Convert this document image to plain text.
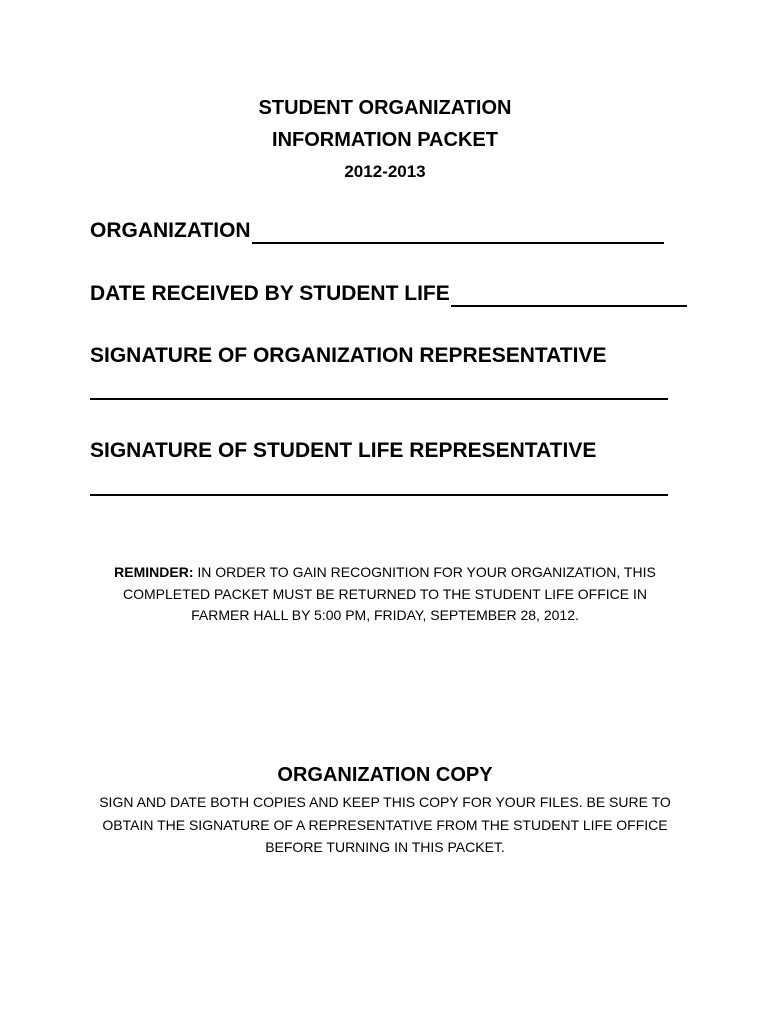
STUDENT ORGANIZATION
INFORMATION PACKET
2012-2013
ORGANIZATION
DATE RECEIVED BY STUDENT LIFE
SIGNATURE OF ORGANIZATION REPRESENTATIVE
SIGNATURE OF STUDENT LIFE REPRESENTATIVE
REMINDER: IN ORDER TO GAIN RECOGNITION FOR YOUR ORGANIZATION, THIS COMPLETED PACKET MUST BE RETURNED TO THE STUDENT LIFE OFFICE IN FARMER HALL BY 5:00 PM, FRIDAY, SEPTEMBER 28, 2012.
ORGANIZATION COPY
SIGN AND DATE BOTH COPIES AND KEEP THIS COPY FOR YOUR FILES. BE SURE TO OBTAIN THE SIGNATURE OF A REPRESENTATIVE FROM THE STUDENT LIFE OFFICE BEFORE TURNING IN THIS PACKET.
